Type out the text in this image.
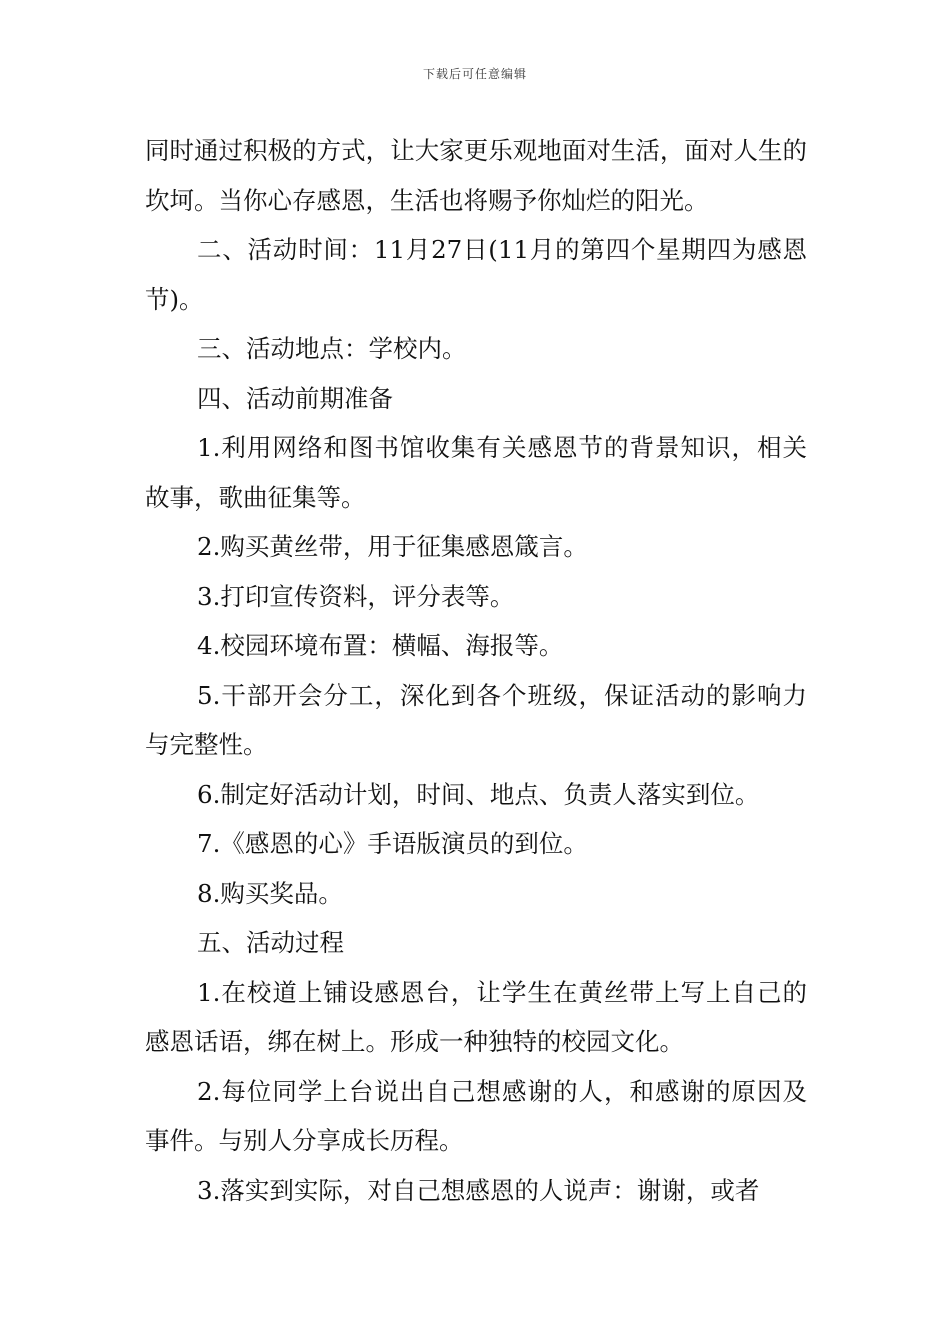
下载后可任意编辑

同时通过积极的方式，让大家更乐观地面对生活，面对人生的坎坷。当你心存感恩，生活也将赐予你灿烂的阳光。

二、活动时间：11月27日(11月的第四个星期四为感恩节)。

三、活动地点：学校内。

四、活动前期准备

1.利用网络和图书馆收集有关感恩节的背景知识，相关故事，歌曲征集等。

2.购买黄丝带，用于征集感恩箴言。

3.打印宣传资料，评分表等。

4.校园环境布置：横幅、海报等。

5.干部开会分工，深化到各个班级，保证活动的影响力与完整性。

6.制定好活动计划，时间、地点、负责人落实到位。

7.《感恩的心》手语版演员的到位。

8.购买奖品。

五、活动过程

1.在校道上铺设感恩台，让学生在黄丝带上写上自己的感恩话语，绑在树上。形成一种独特的校园文化。

2.每位同学上台说出自己想感谢的人，和感谢的原因及事件。与别人分享成长历程。

3.落实到实际，对自己想感恩的人说声：谢谢，或者
